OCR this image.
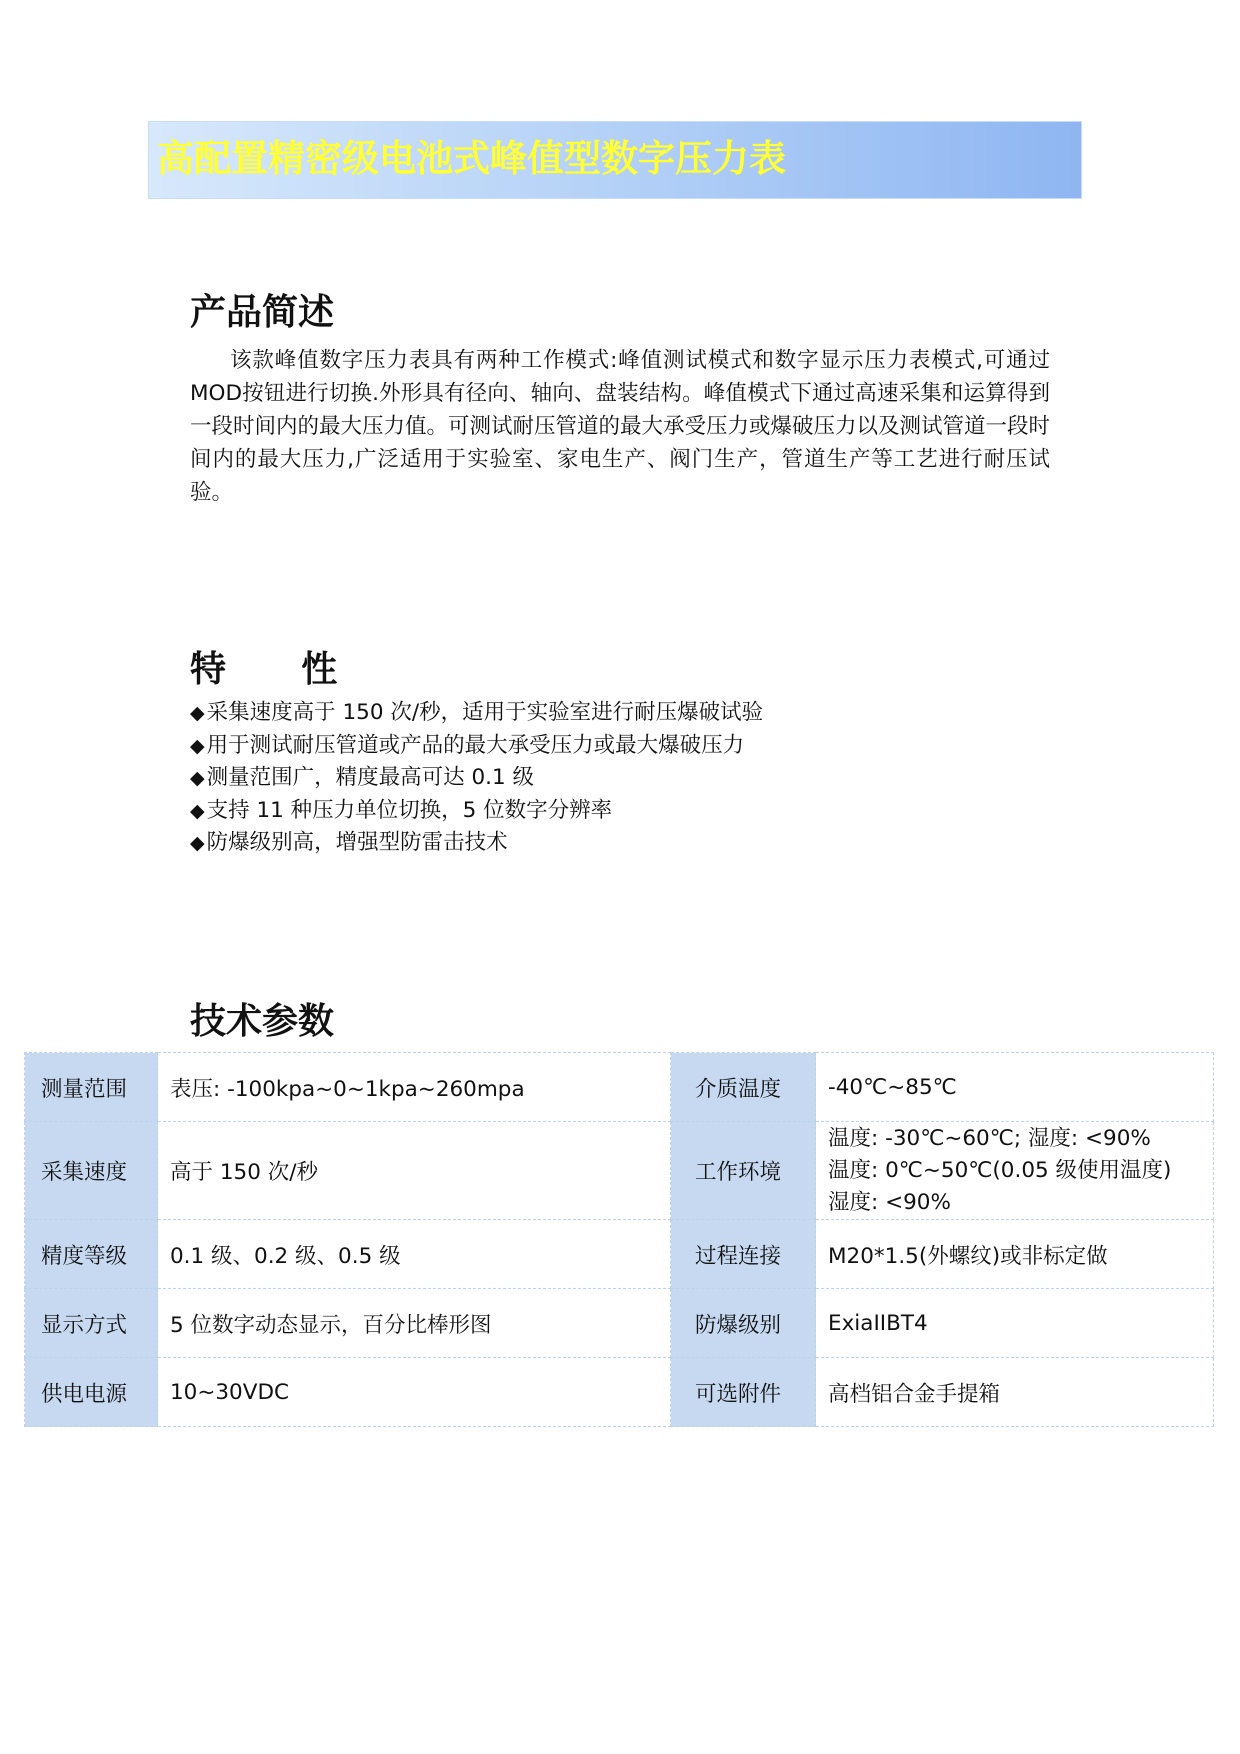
高配置精密级电池式峰值型数字压力表
产品简述

该款峰值数字压力表具有两种工作模式:峰值测试模式和数字显示压力表模式,可通过MOD按钮进行切换.外形具有径向、轴向、盘装结构。峰值模式下通过高速采集和运算得到一段时间内的最大压力值。可测试耐压管道的最大承受压力或爆破压力以及测试管道一段时间内的最大压力,广泛适用于实验室、家电生产、阀门生产，管道生产等工艺进行耐压试验。

特      性
◆采集速度高于 150 次/秒，适用于实验室进行耐压爆破试验
◆用于测试耐压管道或产品的最大承受压力或最大爆破压力
◆测量范围广，精度最高可达 0.1 级
◆支持 11 种压力单位切换，5 位数字分辨率
◆防爆级别高，增强型防雷击技术
技术参数
测量范围	表压: -100kpa~0~1kpa~260mpa	介质温度	-40℃~85℃
采集速度	高于 150 次/秒	工作环境	温度: -30℃~60℃; 湿度: <90%
温度: 0℃~50℃(0.05 级使用温度)
湿度: <90%

精度等级	0.1 级、0.2 级、0.5 级	过程连接	M20*1.5(外螺纹)或非标定做
显示方式	5 位数字动态显示，百分比棒形图	防爆级别	ExiaIIBT4
供电电源	10~30VDC	可选附件	高档铝合金手提箱
